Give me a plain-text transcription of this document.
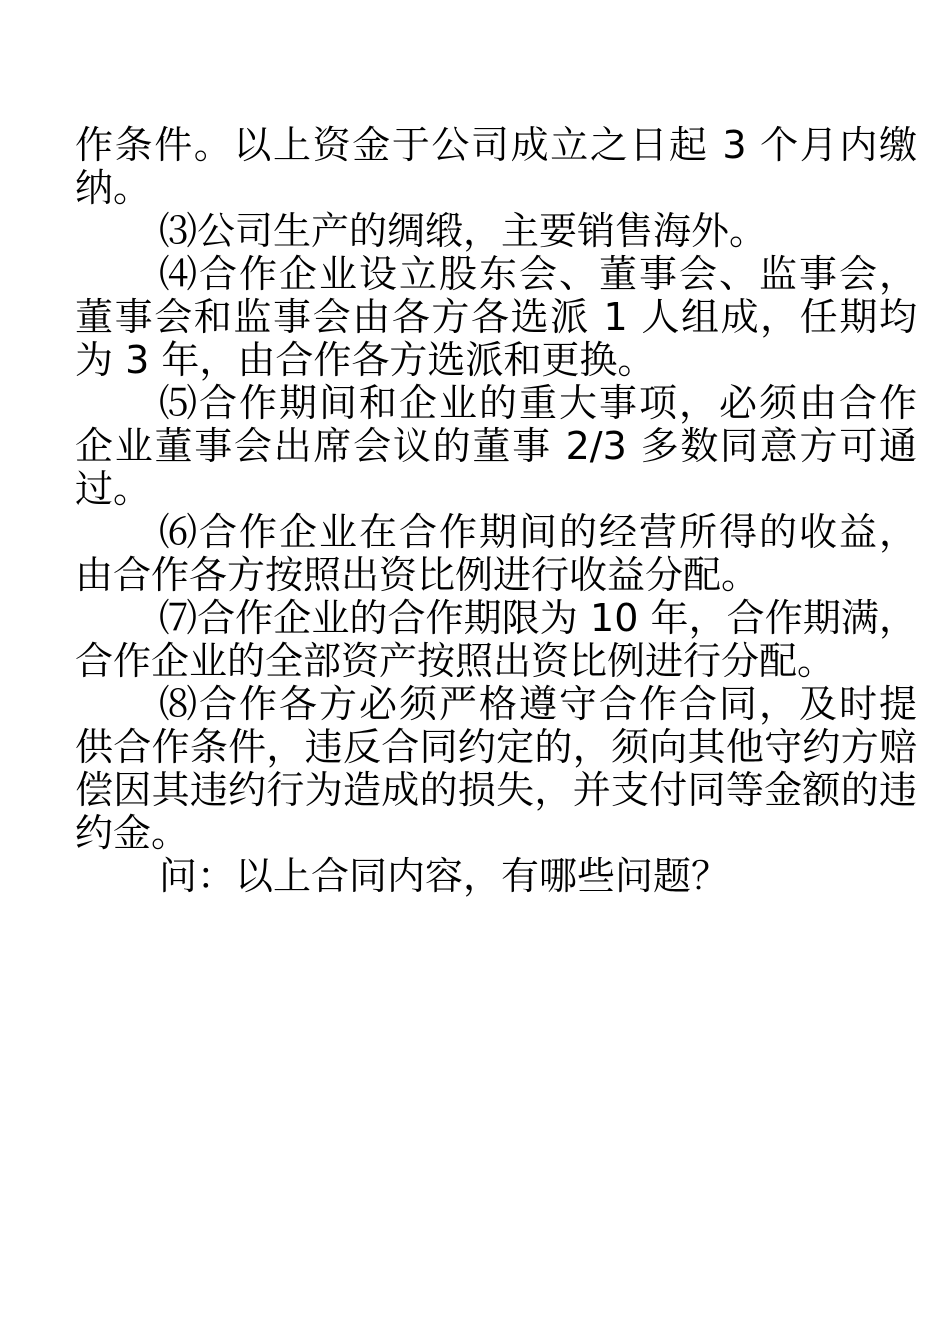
作条件。以上资金于公司成立之日起 3 个月内缴纳。

⑶公司生产的绸缎，主要销售海外。

⑷合作企业设立股东会、董事会、监事会，董事会和监事会由各方各选派 1 人组成，任期均为 3 年，由合作各方选派和更换。

⑸合作期间和企业的重大事项，必须由合作企业董事会出席会议的董事 2/3 多数同意方可通过。

⑹合作企业在合作期间的经营所得的收益，由合作各方按照出资比例进行收益分配。

⑺合作企业的合作期限为 10 年，合作期满，合作企业的全部资产按照出资比例进行分配。

⑻合作各方必须严格遵守合作合同，及时提供合作条件，违反合同约定的，须向其他守约方赔偿因其违约行为造成的损失，并支付同等金额的违约金。

问：以上合同内容，有哪些问题？
